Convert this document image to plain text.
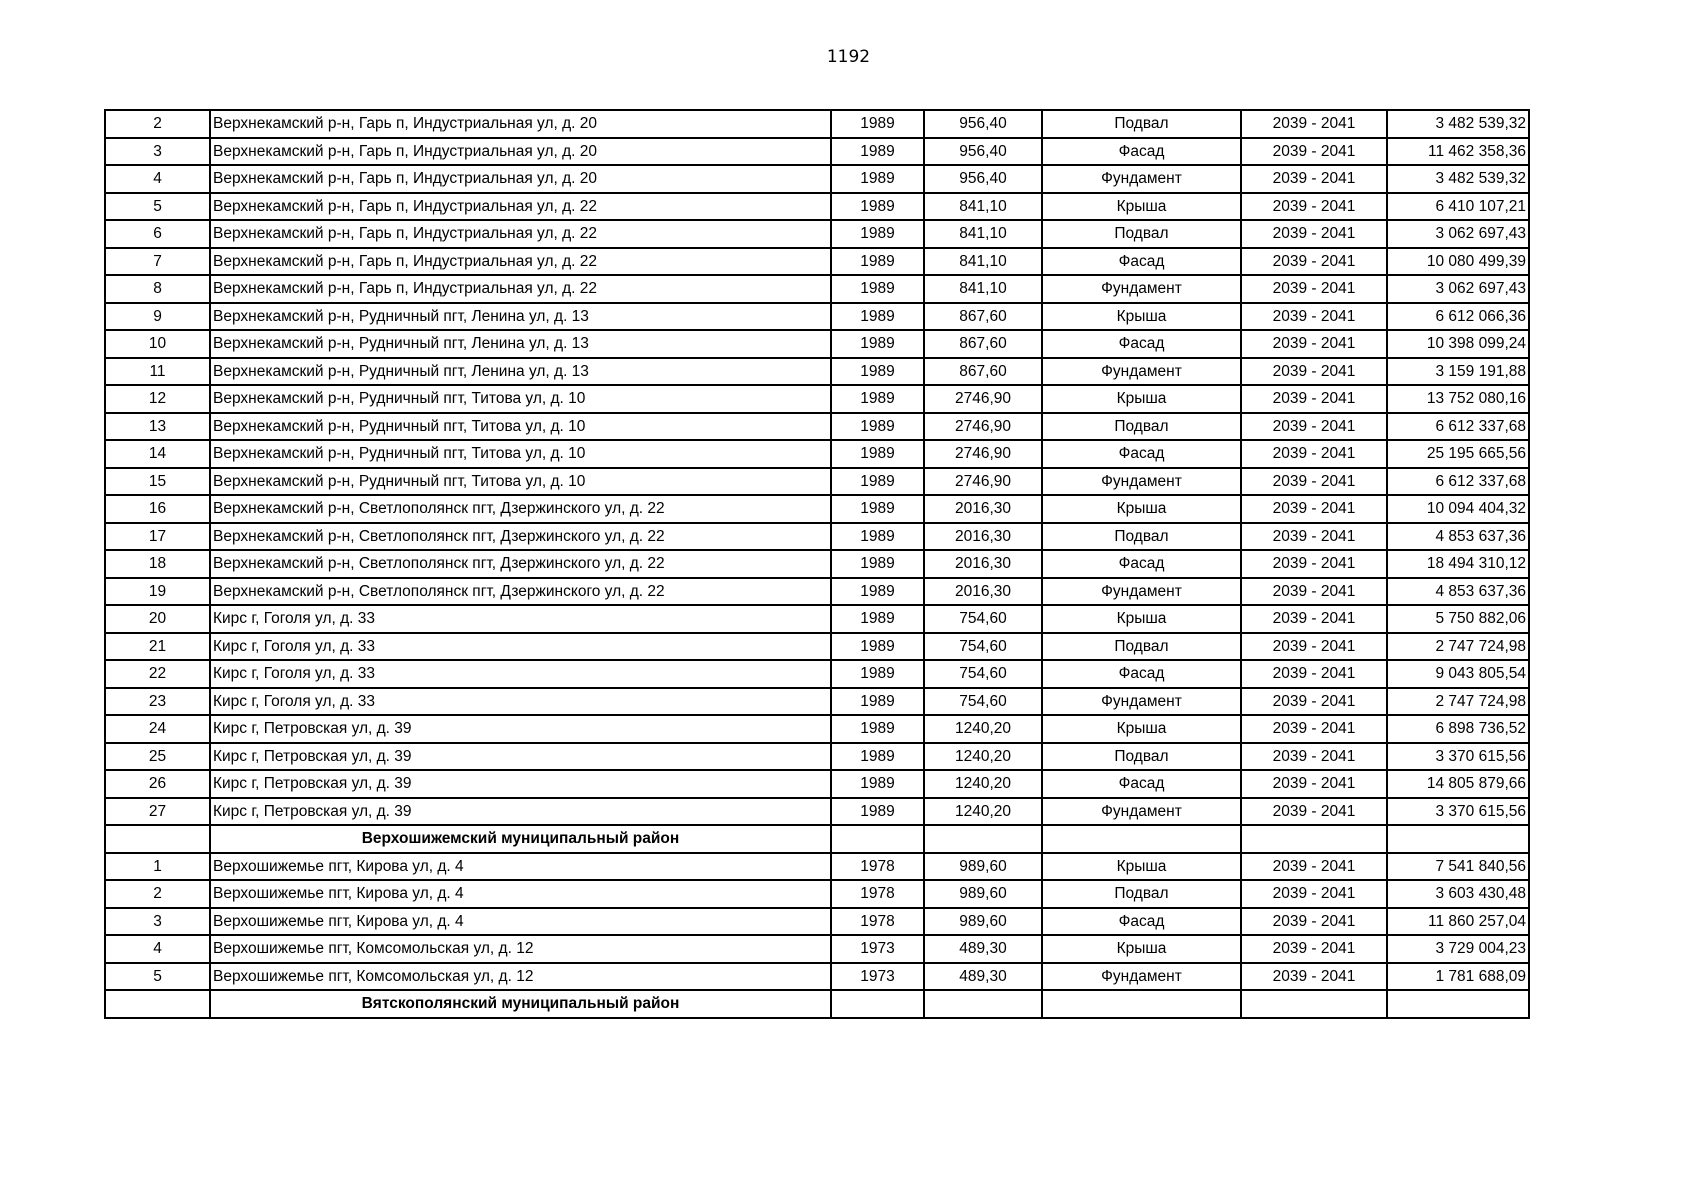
1192
2	Верхнекамский р-н, Гарь п, Индустриальная ул, д. 20	1989	956,40	Подвал	2039 - 2041	3 482 539,32
3	Верхнекамский р-н, Гарь п, Индустриальная ул, д. 20	1989	956,40	Фасад	2039 - 2041	11 462 358,36
4	Верхнекамский р-н, Гарь п, Индустриальная ул, д. 20	1989	956,40	Фундамент	2039 - 2041	3 482 539,32
5	Верхнекамский р-н, Гарь п, Индустриальная ул, д. 22	1989	841,10	Крыша	2039 - 2041	6 410 107,21
6	Верхнекамский р-н, Гарь п, Индустриальная ул, д. 22	1989	841,10	Подвал	2039 - 2041	3 062 697,43
7	Верхнекамский р-н, Гарь п, Индустриальная ул, д. 22	1989	841,10	Фасад	2039 - 2041	10 080 499,39
8	Верхнекамский р-н, Гарь п, Индустриальная ул, д. 22	1989	841,10	Фундамент	2039 - 2041	3 062 697,43
9	Верхнекамский р-н, Рудничный пгт, Ленина ул, д. 13	1989	867,60	Крыша	2039 - 2041	6 612 066,36
10	Верхнекамский р-н, Рудничный пгт, Ленина ул, д. 13	1989	867,60	Фасад	2039 - 2041	10 398 099,24
11	Верхнекамский р-н, Рудничный пгт, Ленина ул, д. 13	1989	867,60	Фундамент	2039 - 2041	3 159 191,88
12	Верхнекамский р-н, Рудничный пгт, Титова ул, д. 10	1989	2746,90	Крыша	2039 - 2041	13 752 080,16
13	Верхнекамский р-н, Рудничный пгт, Титова ул, д. 10	1989	2746,90	Подвал	2039 - 2041	6 612 337,68
14	Верхнекамский р-н, Рудничный пгт, Титова ул, д. 10	1989	2746,90	Фасад	2039 - 2041	25 195 665,56
15	Верхнекамский р-н, Рудничный пгт, Титова ул, д. 10	1989	2746,90	Фундамент	2039 - 2041	6 612 337,68
16	Верхнекамский р-н, Светлополянск пгт, Дзержинского ул, д. 22	1989	2016,30	Крыша	2039 - 2041	10 094 404,32
17	Верхнекамский р-н, Светлополянск пгт, Дзержинского ул, д. 22	1989	2016,30	Подвал	2039 - 2041	4 853 637,36
18	Верхнекамский р-н, Светлополянск пгт, Дзержинского ул, д. 22	1989	2016,30	Фасад	2039 - 2041	18 494 310,12
19	Верхнекамский р-н, Светлополянск пгт, Дзержинского ул, д. 22	1989	2016,30	Фундамент	2039 - 2041	4 853 637,36
20	Кирс г, Гоголя ул, д. 33	1989	754,60	Крыша	2039 - 2041	5 750 882,06
21	Кирс г, Гоголя ул, д. 33	1989	754,60	Подвал	2039 - 2041	2 747 724,98
22	Кирс г, Гоголя ул, д. 33	1989	754,60	Фасад	2039 - 2041	9 043 805,54
23	Кирс г, Гоголя ул, д. 33	1989	754,60	Фундамент	2039 - 2041	2 747 724,98
24	Кирс г, Петровская ул, д. 39	1989	1240,20	Крыша	2039 - 2041	6 898 736,52
25	Кирс г, Петровская ул, д. 39	1989	1240,20	Подвал	2039 - 2041	3 370 615,56
26	Кирс г, Петровская ул, д. 39	1989	1240,20	Фасад	2039 - 2041	14 805 879,66
27	Кирс г, Петровская ул, д. 39	1989	1240,20	Фундамент	2039 - 2041	3 370 615,56
	Верхошижемский муниципальный район					
1	Верхошижемье пгт, Кирова ул, д. 4	1978	989,60	Крыша	2039 - 2041	7 541 840,56
2	Верхошижемье пгт, Кирова ул, д. 4	1978	989,60	Подвал	2039 - 2041	3 603 430,48
3	Верхошижемье пгт, Кирова ул, д. 4	1978	989,60	Фасад	2039 - 2041	11 860 257,04
4	Верхошижемье пгт, Комсомольская ул, д. 12	1973	489,30	Крыша	2039 - 2041	3 729 004,23
5	Верхошижемье пгт, Комсомольская ул, д. 12	1973	489,30	Фундамент	2039 - 2041	1 781 688,09
	Вятскополянский муниципальный район					
